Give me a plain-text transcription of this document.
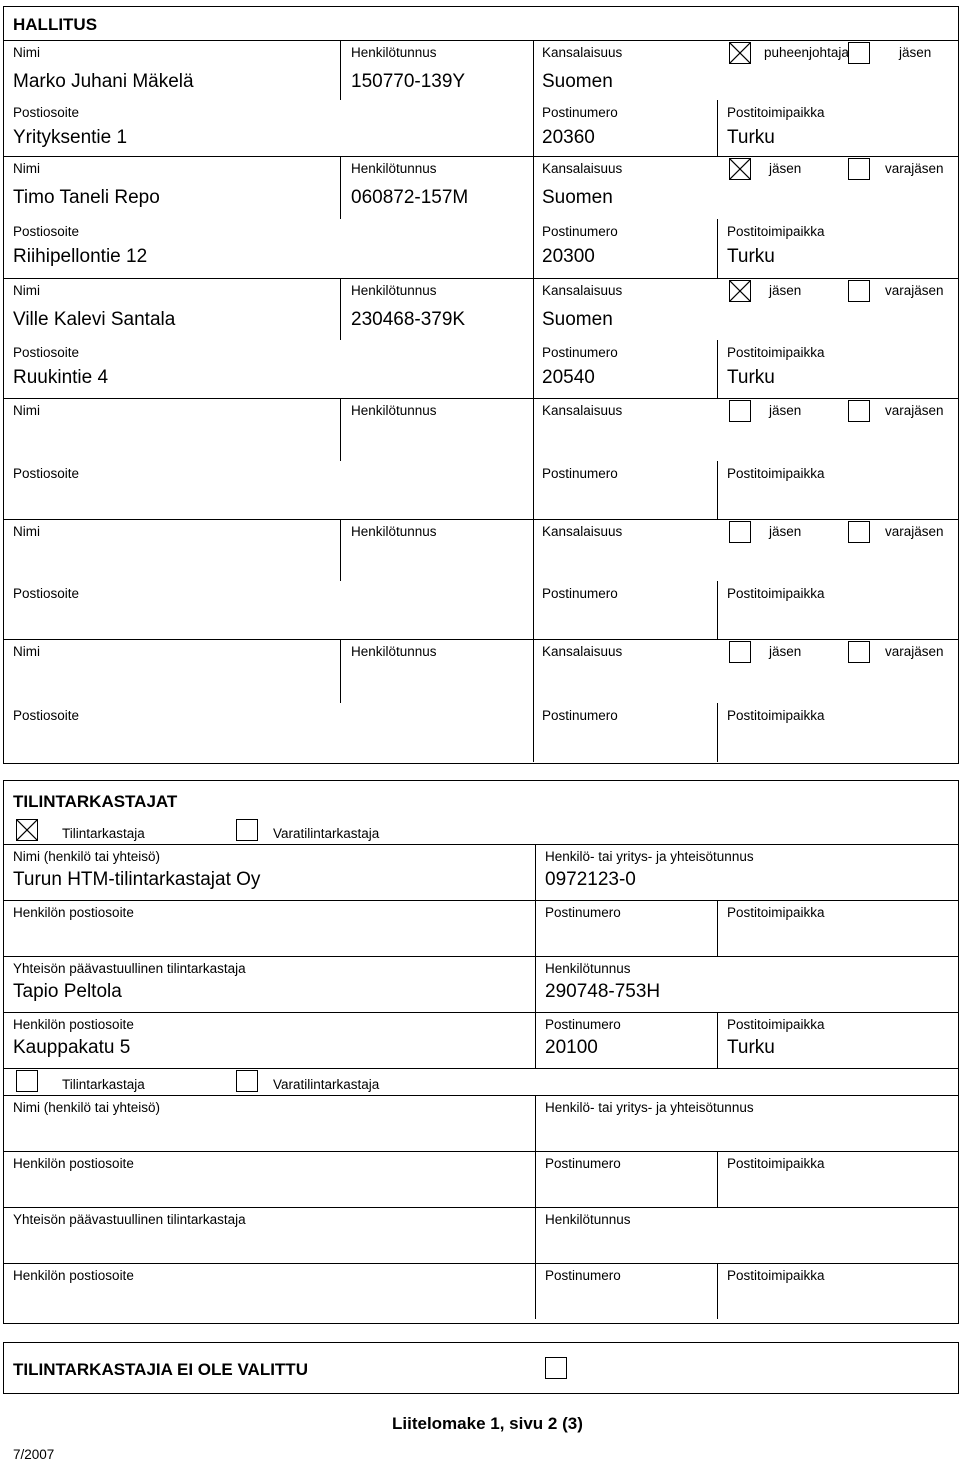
HALLITUS
Nimi	Henkilötunnus	Kansalaisuus
Marko Juhani Mäkelä	150770-139Y	Suomen
puheenjohtaja	jäsen
Postiosoite	Postinumero	Postitoimipaikka
Yrityksentie 1	20360	Turku
Nimi	Henkilötunnus	Kansalaisuus
Timo Taneli Repo	060872-157M	Suomen
jäsen	varajäsen
Postiosoite	Postinumero	Postitoimipaikka
Riihipellontie 12	20300	Turku
Nimi	Henkilötunnus	Kansalaisuus
Ville Kalevi Santala	230468-379K	Suomen
jäsen	varajäsen
Postiosoite	Postinumero	Postitoimipaikka
Ruukintie 4	20540	Turku
Nimi	Henkilötunnus	Kansalaisuus	jäsen	varajäsen
Postiosoite	Postinumero	Postitoimipaikka
Nimi	Henkilötunnus	Kansalaisuus	jäsen	varajäsen
Postiosoite	Postinumero	Postitoimipaikka
Nimi	Henkilötunnus	Kansalaisuus	jäsen	varajäsen
Postiosoite	Postinumero	Postitoimipaikka
TILINTARKASTAJAT
Tilintarkastaja	Varatilintarkastaja
Nimi (henkilö tai yhteisö)	Henkilö- tai yritys- ja yhteisötunnus
Turun HTM-tilintarkastajat Oy	0972123-0
Henkilön postiosoite	Postinumero	Postitoimipaikka
Yhteisön päävastuullinen tilintarkastaja	Henkilötunnus
Tapio Peltola	290748-753H
Henkilön postiosoite	Postinumero	Postitoimipaikka
Kauppakatu 5	20100	Turku
Tilintarkastaja	Varatilintarkastaja
Nimi (henkilö tai yhteisö)	Henkilö- tai yritys- ja yhteisötunnus
Henkilön postiosoite	Postinumero	Postitoimipaikka
Yhteisön päävastuullinen tilintarkastaja	Henkilötunnus
Henkilön postiosoite	Postinumero	Postitoimipaikka
TILINTARKASTAJIA EI OLE VALITTU
Liitelomake 1, sivu 2 (3)
7/2007
